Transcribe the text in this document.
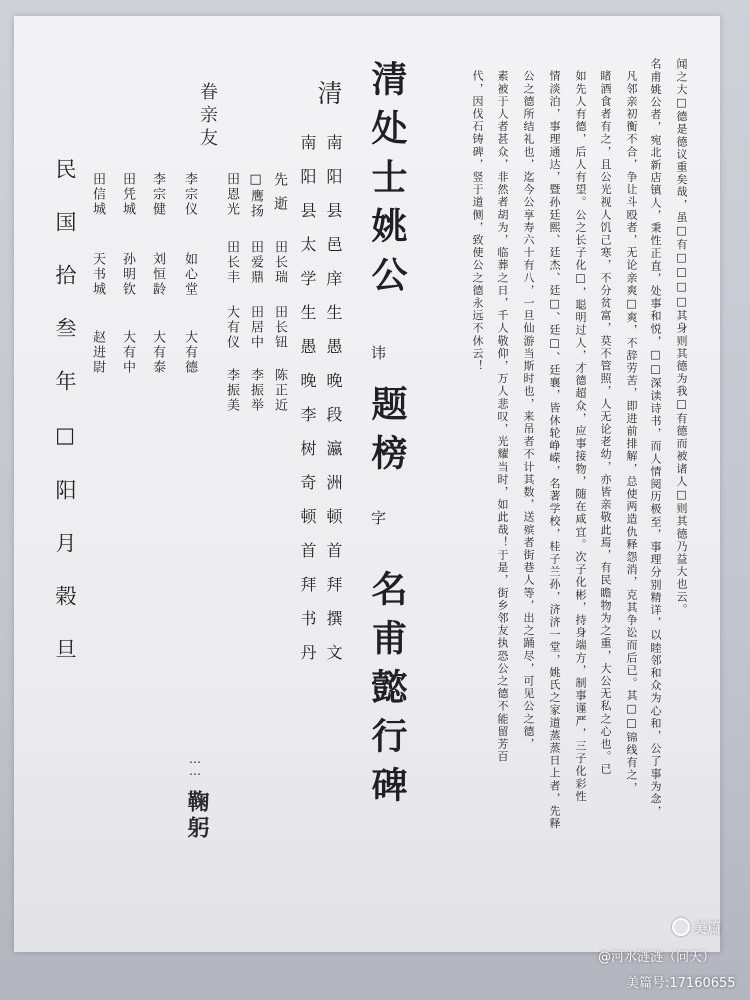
清处士姚公
讳
题榜
字
名甫懿行碑
清
南阳县邑庠生愚晚段瀛洲顿首拜撰文
南阳县太学生愚晚李树奇顿首拜书丹	闻之大□德是德议重矣哉，虽□有□□□□其身则其德为我□有德而被诸人□则其德乃益大也云。
名甫姚公者，宛北新店镇人，秉性正直，处事和悦，□□深读诗书，而人情阅历极至，事理分别精详，以睦邻和众为心和，公了事为念，
凡邻亲初衡不合，争让斗殴者，无论亲爽□爽，不辞劳苦，即进前排解，总使两造仇释怨消，克其争讼而后已。其□□锦线有之，
睹酒食者有之，且公光视人饥己寒，不分贫富，莫不管照，人无论老幼，亦皆亲敬此焉，有民瞻物为之重，大公无私之心也。已
如先人有德，后人有望。公之长子化□，聪明过人，才德超众，应事接物，随在咸宜。次子化彬，持身端方，制事谨严，三子化彩性
情淡泊，事理通达，暨孙廷熙、廷杰、廷□、廷□、廷襄，皆休轮峥嵘，名著学校，桂子兰孙，济济一堂，姚氏之家道蒸蒸日上者，先释
公之德所结礼也，迄今公享寿六十有八，一旦仙游当斯时也，来吊者不计其数，送殡者街巷人等，出之踊尽，可见公之德，
素被于人者甚众，非然者胡为，临葬之日，千人敬仰，万人悲叹，光耀当时，如此哉！于是，街乡邻友执恐公之德不能留芳百
代，因伐石铸碑，竖于道侧，致使公之德永远不休云！
先逝
田长瑞
田长钮
陈正近
□鹰扬
田爱鼎
田居中
李振举
田恩光
田长丰
大有仪
李振美
眷亲友
李宗仪
如心堂
大有德
李宗健
刘恒龄
大有泰
田凭城
孙明钦
大有中
田信城
天书城
赵进尉
民国拾叁年□阳月榖旦
……
鞠躬
美篇
@河水涟涟（问天）
美篇号:17160655
